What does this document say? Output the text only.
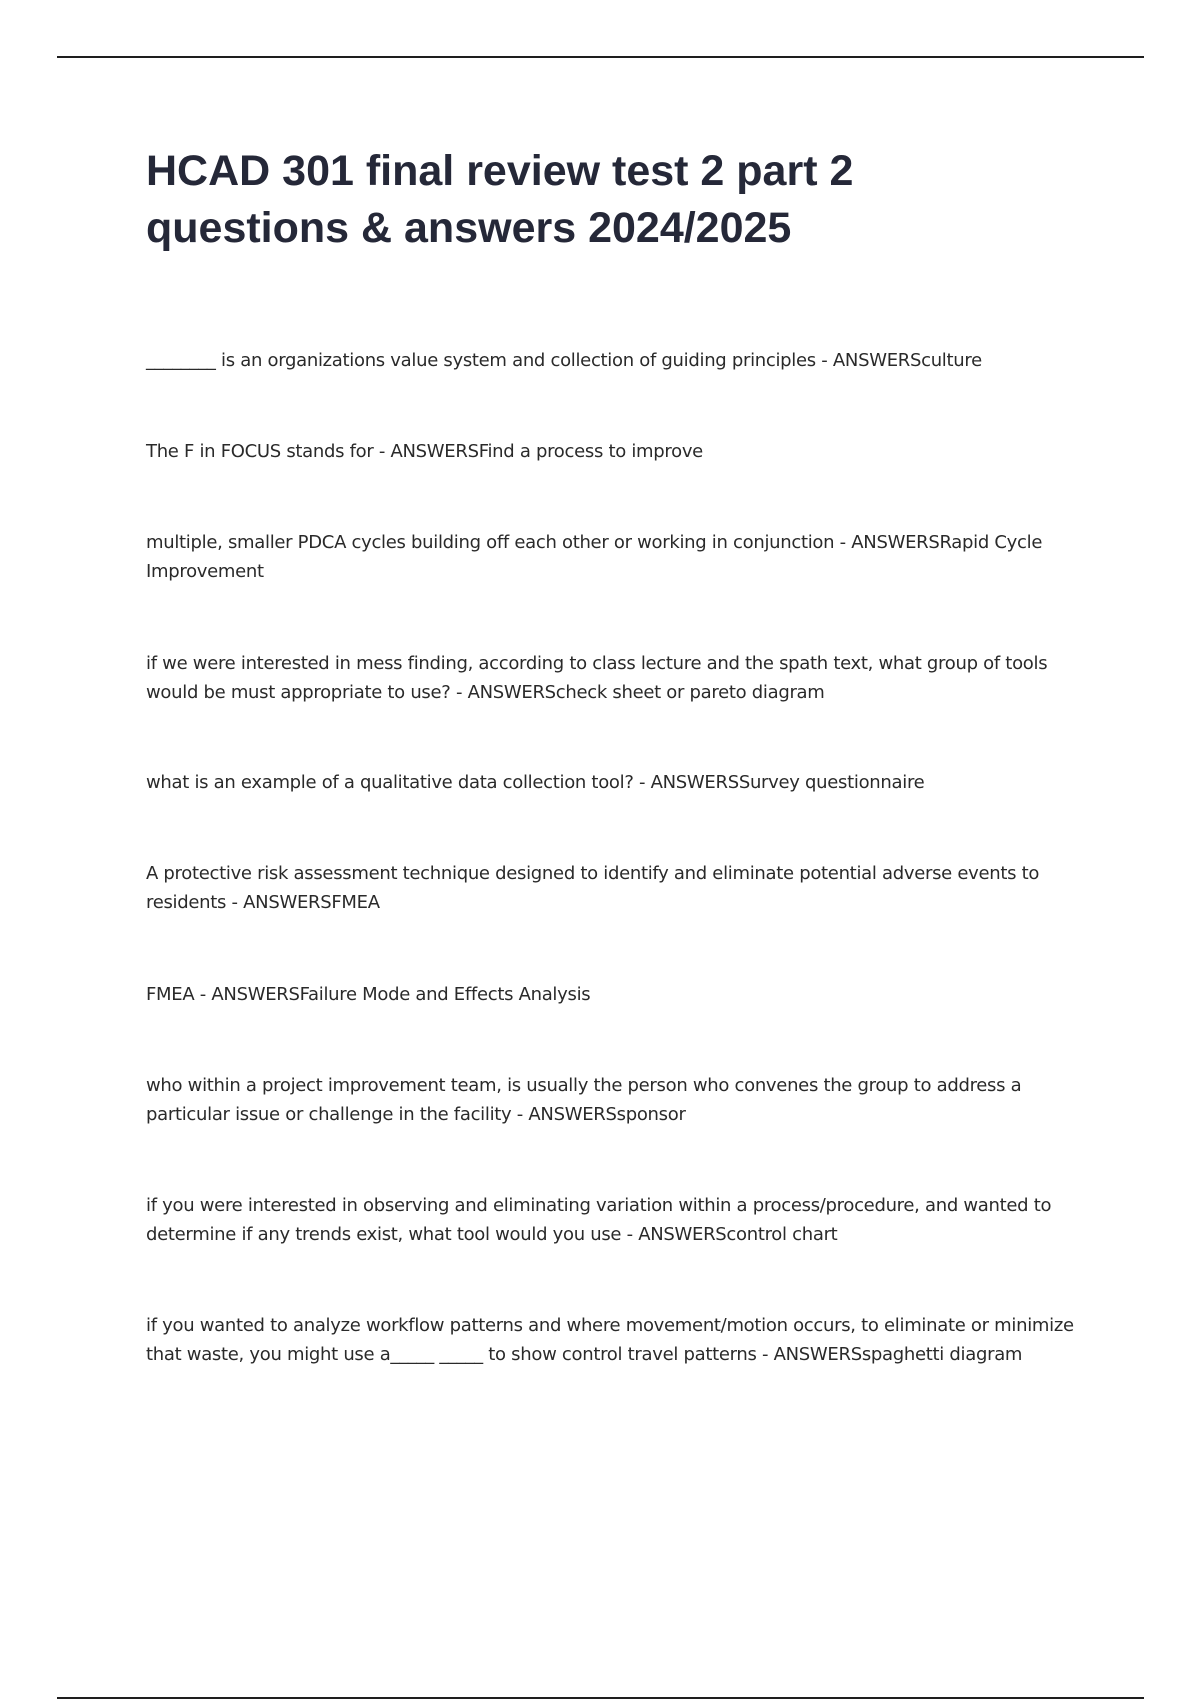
HCAD 301 final review test 2 part 2
questions & answers 2024/2025
________ is an organizations value system and collection of guiding principles - ANSWERSculture
The F in FOCUS stands for - ANSWERSFind a process to improve
multiple, smaller PDCA cycles building off each other or working in conjunction - ANSWERSRapid Cycle Improvement
if we were interested in mess finding, according to class lecture and the spath text, what group of tools would be must appropriate to use? - ANSWERScheck sheet or pareto diagram
what is an example of a qualitative data collection tool? - ANSWERSSurvey questionnaire
A protective risk assessment technique designed to identify and eliminate potential adverse events to residents - ANSWERSFMEA
FMEA - ANSWERSFailure Mode and Effects Analysis
who within a project improvement team, is usually the person who convenes the group to address a particular issue or challenge in the facility - ANSWERSsponsor
if you were interested in observing and eliminating variation within a process/procedure, and wanted to determine if any trends exist, what tool would you use - ANSWERScontrol chart
if you wanted to analyze workflow patterns and where movement/motion occurs, to eliminate or minimize that waste, you might use a_____ _____ to show control travel patterns - ANSWERSspaghetti diagram
